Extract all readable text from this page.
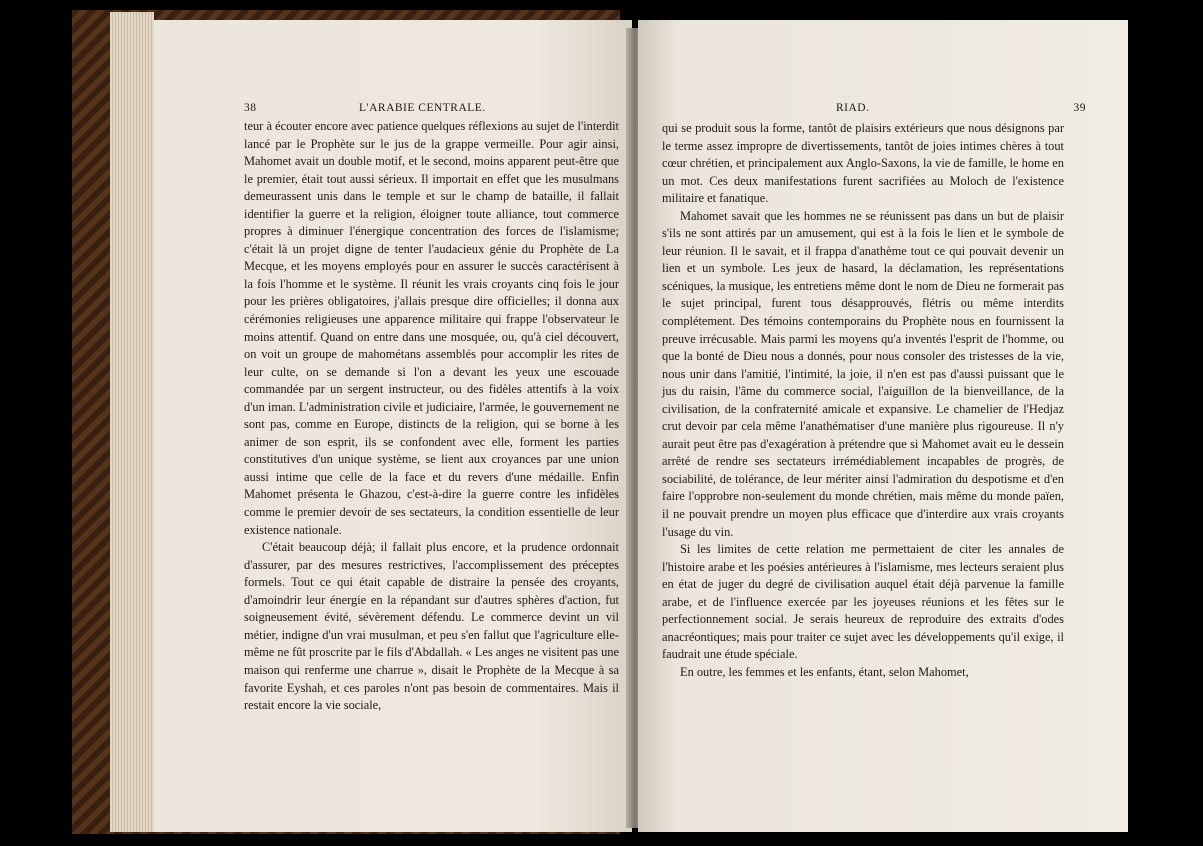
38	L'ARABIE CENTRALE.

teur à écouter encore avec patience quelques réflexions au sujet de l'interdit lancé par le Prophète sur le jus de la grappe vermeille. Pour agir ainsi, Mahomet avait un double motif, et le second, moins apparent peut-être que le premier, était tout aussi sérieux. Il importait en effet que les musulmans demeurassent unis dans le temple et sur le champ de bataille, il fallait identifier la guerre et la religion, éloigner toute alliance, tout commerce propres à diminuer l'énergique concentration des forces de l'islamisme; c'était là un projet digne de tenter l'audacieux génie du Prophète de La Mecque, et les moyens employés pour en assurer le succès caractérisent à la fois l'homme et le système. Il réunit les vrais croyants cinq fois le jour pour les prières obligatoires, j'allais presque dire officielles; il donna aux cérémonies religieuses une apparence militaire qui frappe l'observateur le moins attentif. Quand on entre dans une mosquée, ou, qu'à ciel découvert, on voit un groupe de mahométans assemblés pour accomplir les rites de leur culte, on se demande si l'on a devant les yeux une escouade commandée par un sergent instructeur, ou des fidèles attentifs à la voix d'un iman. L'administration civile et judiciaire, l'armée, le gouvernement ne sont pas, comme en Europe, distincts de la religion, qui se borne à les animer de son esprit, ils se confondent avec elle, forment les parties constitutives d'un unique système, se lient aux croyances par une union aussi intime que celle de la face et du revers d'une médaille. Enfin Mahomet présenta le Ghazou, c'est-à-dire la guerre contre les infidèles comme le premier devoir de ses sectateurs, la condition essentielle de leur existence nationale.

C'était beaucoup déjà; il fallait plus encore, et la prudence ordonnait d'assurer, par des mesures restrictives, l'accomplissement des préceptes formels. Tout ce qui était capable de distraire la pensée des croyants, d'amoindrir leur énergie en la répandant sur d'autres sphères d'action, fut soigneusement évité, sévèrement défendu. Le commerce devint un vil métier, indigne d'un vrai musulman, et peu s'en fallut que l'agriculture elle-même ne fût proscrite par le fils d'Abdallah. « Les anges ne visitent pas une maison qui renferme une charrue », disait le Prophète de la Mecque à sa favorite Eyshah, et ces paroles n'ont pas besoin de commentaires. Mais il restait encore la vie sociale,

RIAD.	39

qui se produit sous la forme, tantôt de plaisirs extérieurs que nous désignons par le terme assez impropre de divertissements, tantôt de joies intimes chères à tout cœur chrétien, et principalement aux Anglo-Saxons, la vie de famille, le home en un mot. Ces deux manifestations furent sacrifiées au Moloch de l'existence militaire et fanatique.

Mahomet savait que les hommes ne se réunissent pas dans un but de plaisir s'ils ne sont attirés par un amusement, qui est à la fois le lien et le symbole de leur réunion. Il le savait, et il frappa d'anathème tout ce qui pouvait devenir un lien et un symbole. Les jeux de hasard, la déclamation, les représentations scéniques, la musique, les entretiens même dont le nom de Dieu ne formerait pas le sujet principal, furent tous désapprouvés, flétris ou même interdits complétement. Des témoins contemporains du Prophète nous en fournissent la preuve irrécusable. Mais parmi les moyens qu'a inventés l'esprit de l'homme, ou que la bonté de Dieu nous a donnés, pour nous consoler des tristesses de la vie, nous unir dans l'amitié, l'intimité, la joie, il n'en est pas d'aussi puissant que le jus du raisin, l'âme du commerce social, l'aiguillon de la bienveillance, de la civilisation, de la confraternité amicale et expansive. Le chamelier de l'Hedjaz crut devoir par cela même l'anathématiser d'une manière plus rigoureuse. Il n'y aurait peut être pas d'exagération à prétendre que si Mahomet avait eu le dessein arrêté de rendre ses sectateurs irrémédiablement incapables de progrès, de sociabilité, de tolérance, de leur mériter ainsi l'admiration du despotisme et d'en faire l'opprobre non-seulement du monde chrétien, mais même du monde païen, il ne pouvait prendre un moyen plus efficace que d'interdire aux vrais croyants l'usage du vin.

Si les limites de cette relation me permettaient de citer les annales de l'histoire arabe et les poésies antérieures à l'islamisme, mes lecteurs seraient plus en état de juger du degré de civilisation auquel était déjà parvenue la famille arabe, et de l'influence exercée par les joyeuses réunions et les fêtes sur le perfectionnement social. Je serais heureux de reproduire des extraits d'odes anacréontiques; mais pour traiter ce sujet avec les développements qu'il exige, il faudrait une étude spéciale.

En outre, les femmes et les enfants, étant, selon Mahomet,
